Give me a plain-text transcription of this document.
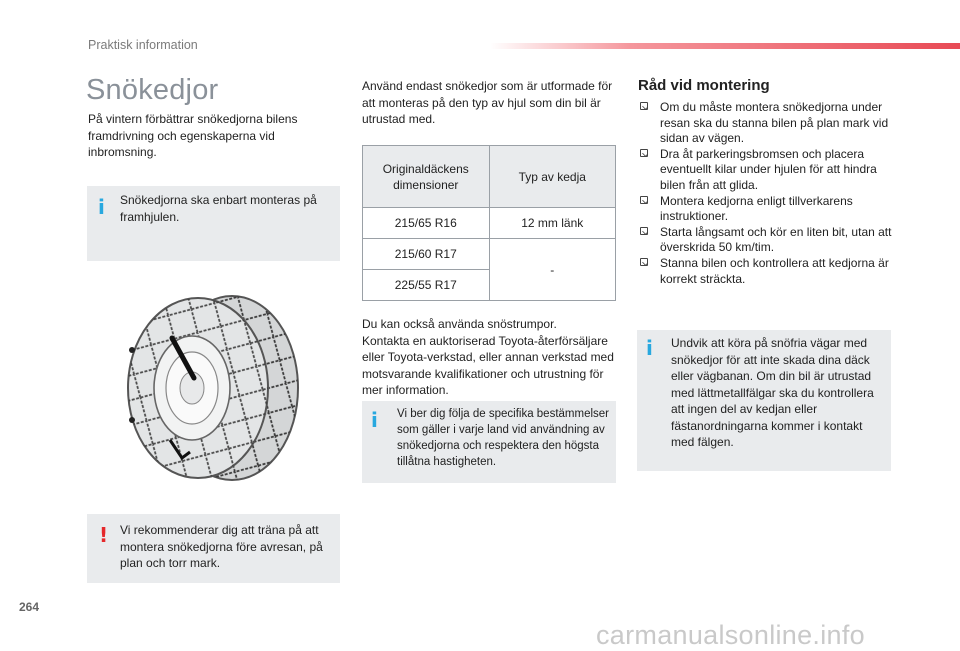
Praktisk information
Snökedjor
På vintern förbättrar snökedjorna bilens framdrivning och egenskaperna vid inbromsning.
i Snökedjorna ska enbart monteras på framhjulen.
! Vi rekommenderar dig att träna på att montera snökedjorna före avresan, på plan och torr mark.
Använd endast snökedjor som är utformade för att monteras på den typ av hjul som din bil är utrustad med.
Originaldäckens dimensioner	Typ av kedja
215/65 R16	12 mm länk
215/60 R17	-
225/55 R17	
Du kan också använda snöstrumpor.
Kontakta en auktoriserad Toyota-återförsäljare eller Toyota-verkstad, eller annan verkstad med motsvarande kvalifikationer och utrustning för mer information.
i Vi ber dig följa de specifika bestämmelser som gäller i varje land vid användning av snökedjorna och respektera den högsta tillåtna hastigheten.
Råd vid montering
Om du måste montera snökedjorna under resan ska du stanna bilen på plan mark vid sidan av vägen.
Dra åt parkeringsbromsen och placera eventuellt kilar under hjulen för att hindra bilen från att glida.
Montera kedjorna enligt tillverkarens instruktioner.
Starta långsamt och kör en liten bit, utan att överskrida 50 km/tim.
Stanna bilen och kontrollera att kedjorna är korrekt sträckta.
i Undvik att köra på snöfria vägar med snökedjor för att inte skada dina däck eller vägbanan. Om din bil är utrustad med lättmetallfälgar ska du kontrollera att ingen del av kedjan eller fästanordningarna kommer i kontakt med fälgen.
264
carmanualsonline.info
